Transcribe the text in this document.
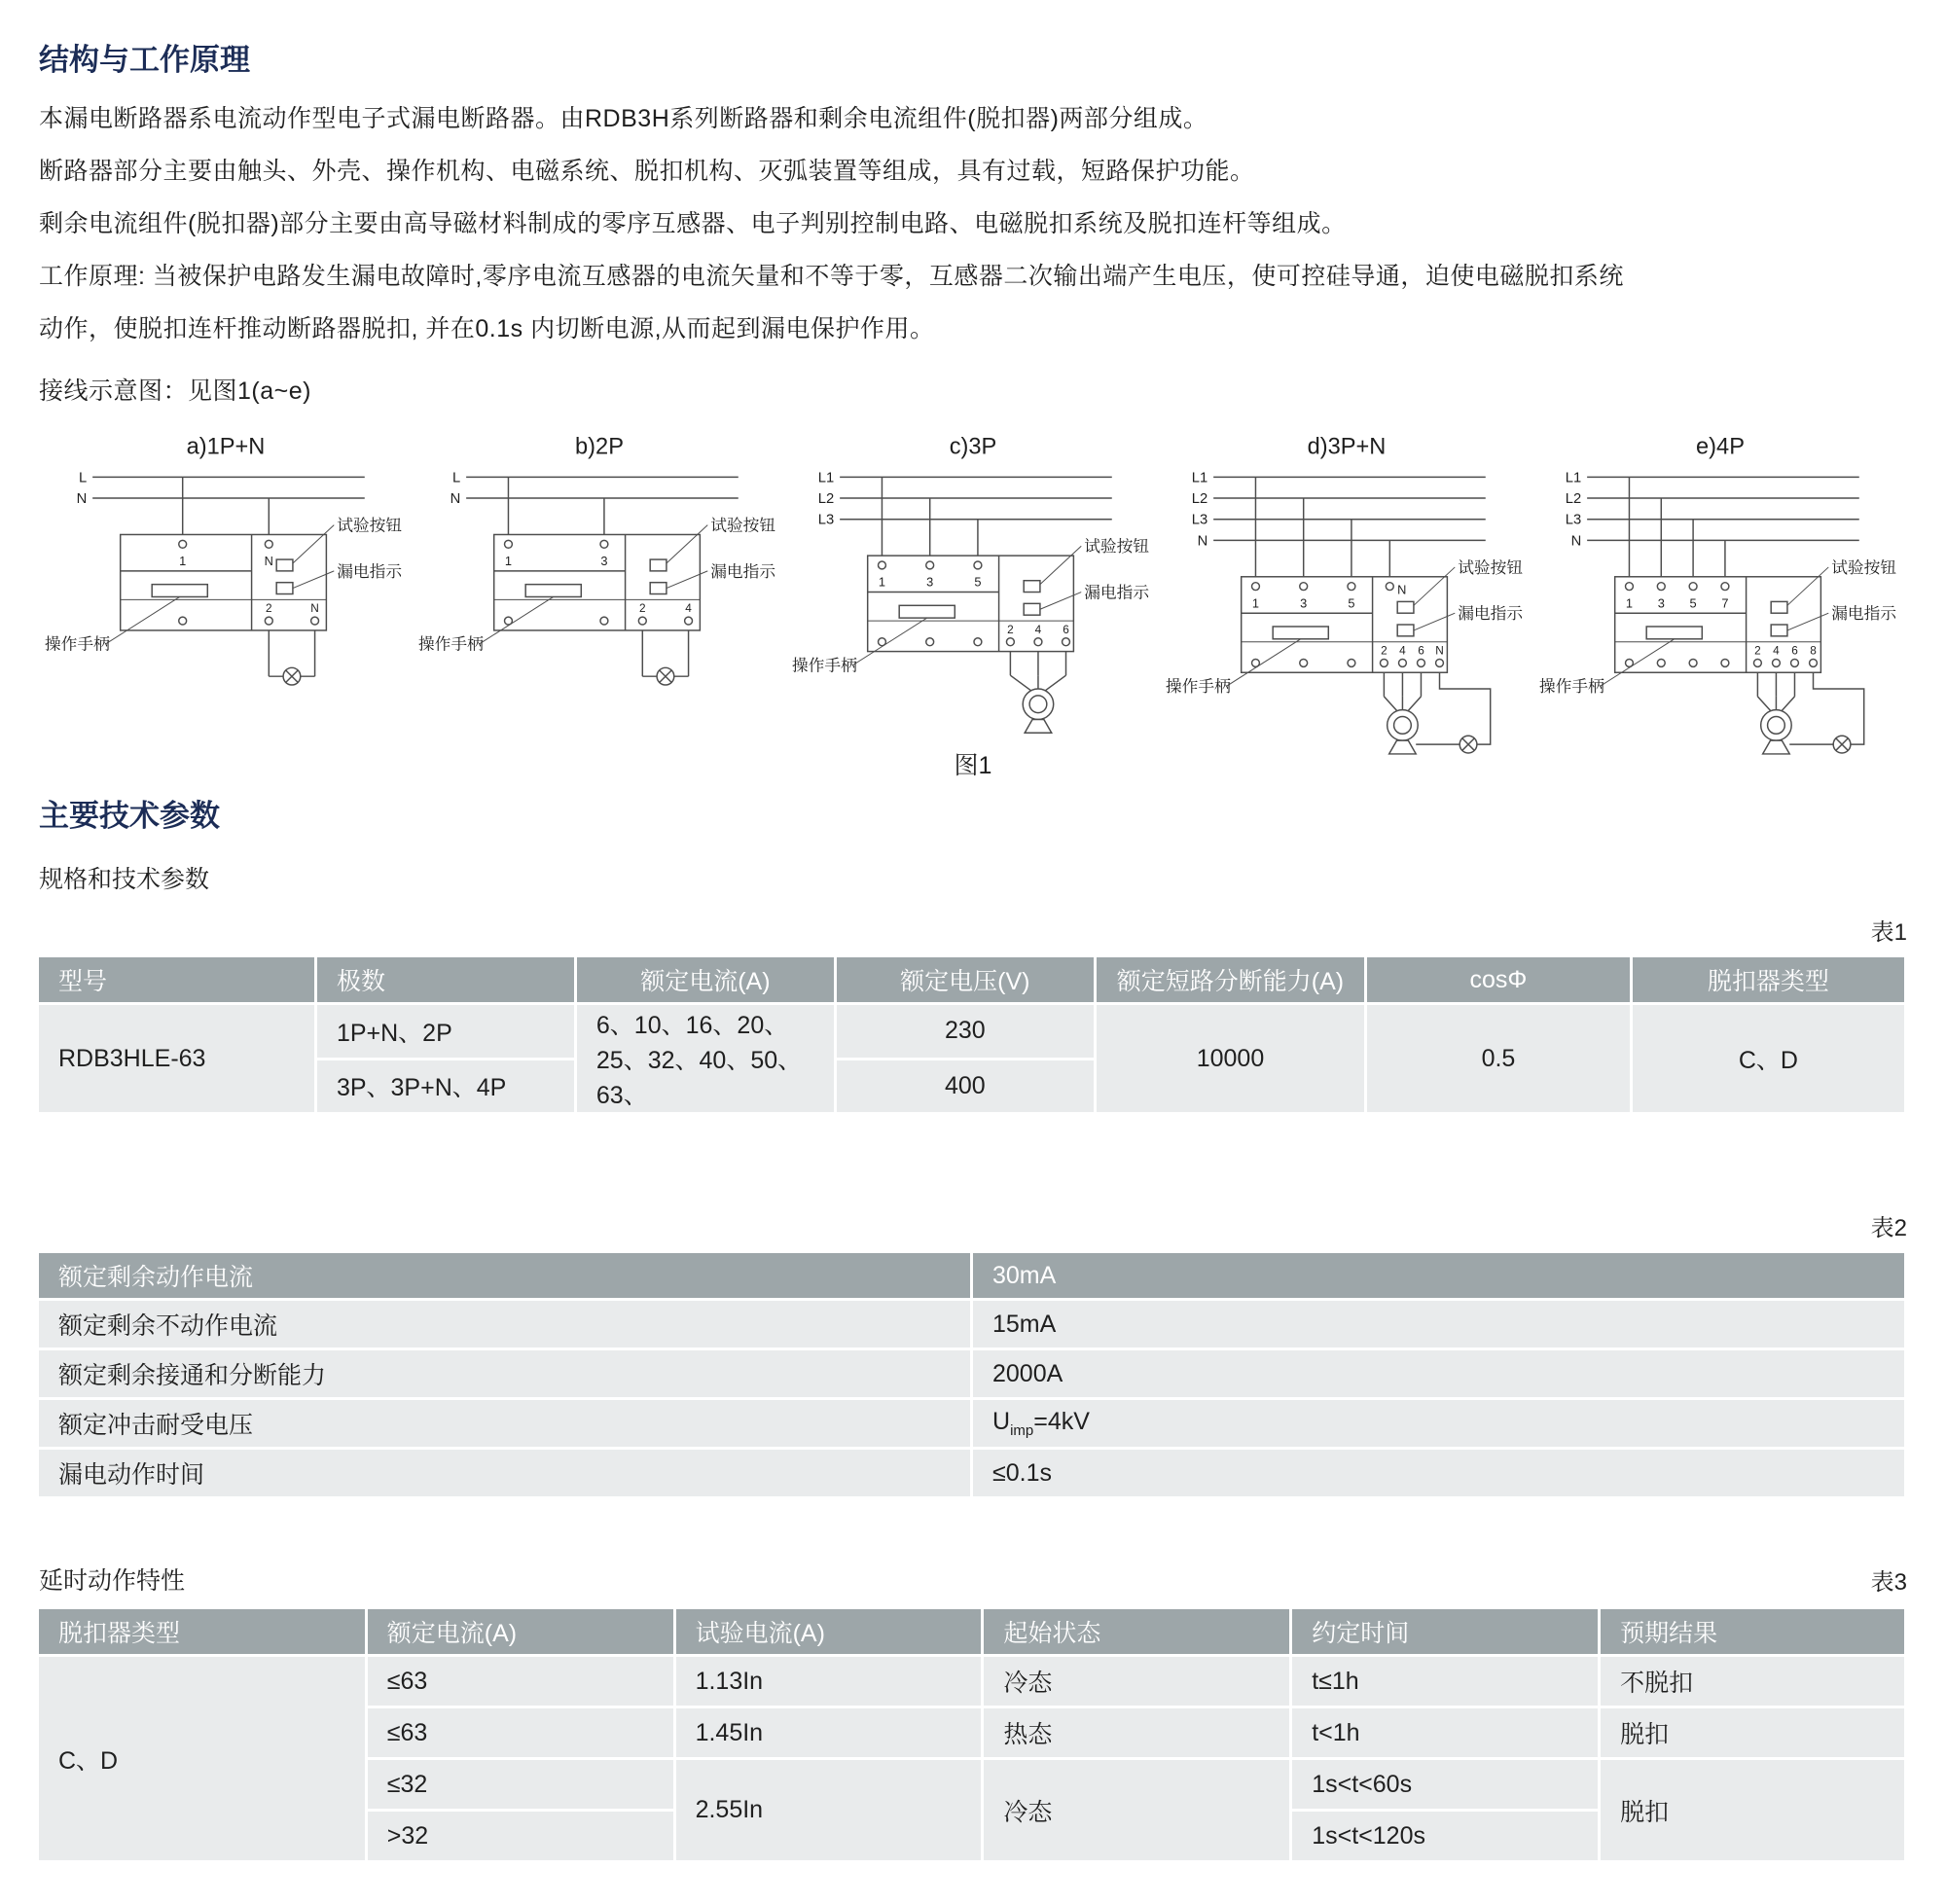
结构与工作原理

本漏电断路器系电流动作型电子式漏电断路器。由RDB3H系列断路器和剩余电流组件(脱扣器)两部分组成。

断路器部分主要由触头、外壳、操作机构、电磁系统、脱扣机构、灭弧装置等组成，具有过载，短路保护功能。

剩余电流组件(脱扣器)部分主要由高导磁材料制成的零序互感器、电子判别控制电路、电磁脱扣系统及脱扣连杆等组成。

工作原理: 当被保护电路发生漏电故障时,零序电流互感器的电流矢量和不等于零，互感器二次输出端产生电压，使可控硅导通，迫使电磁脱扣系统

动作，使脱扣连杆推动断路器脱扣, 并在0.1s 内切断电源,从而起到漏电保护作用。

接线示意图：见图1(a~e)

a)1P+N
L
N
1	N
2	N
试验按钮
漏电指示
操作手柄
b)2P
L
N
1	3
2	4
试验按钮
漏电指示
操作手柄
c)3P
L1
L2
L3
1	3	5
2 4 6
试验按钮
漏电指示
操作手柄
d)3P+N
L1
L2
L3
N
1	3	5
N
2 4 6 N
试验按钮
漏电指示
操作手柄
e)4P
L1
L2
L3
N
1 3 5 7
2 4 6 8
试验按钮
漏电指示
操作手柄
图1
主要技术参数

规格和技术参数

表1
型号	极数	额定电流(A)	额定电压(V)	额定短路分断能力(A)	cosΦ	脱扣器类型
RDB3HLE-63	1P+N、2P	6、10、16、20、25、32、40、50、63、	230	10000	0.5	C、D
	3P、3P+N、4P		400			
表2
额定剩余动作电流	30mA
额定剩余不动作电流	15mA
额定剩余接通和分断能力	2000A
额定冲击耐受电压	$U_{imp}=4kV$
漏电动作时间	≤0.1s
延时动作特性	表3
脱扣器类型	额定电流(A)	试验电流(A)	起始状态	约定时间	预期结果
C、D	≤63	1.13In	冷态	t≤1h	不脱扣
	≤63	1.45In	热态	t<1h	脱扣
	≤32	2.55In	冷态	1s<t<60s	脱扣
	>32			1s<t<120s	
